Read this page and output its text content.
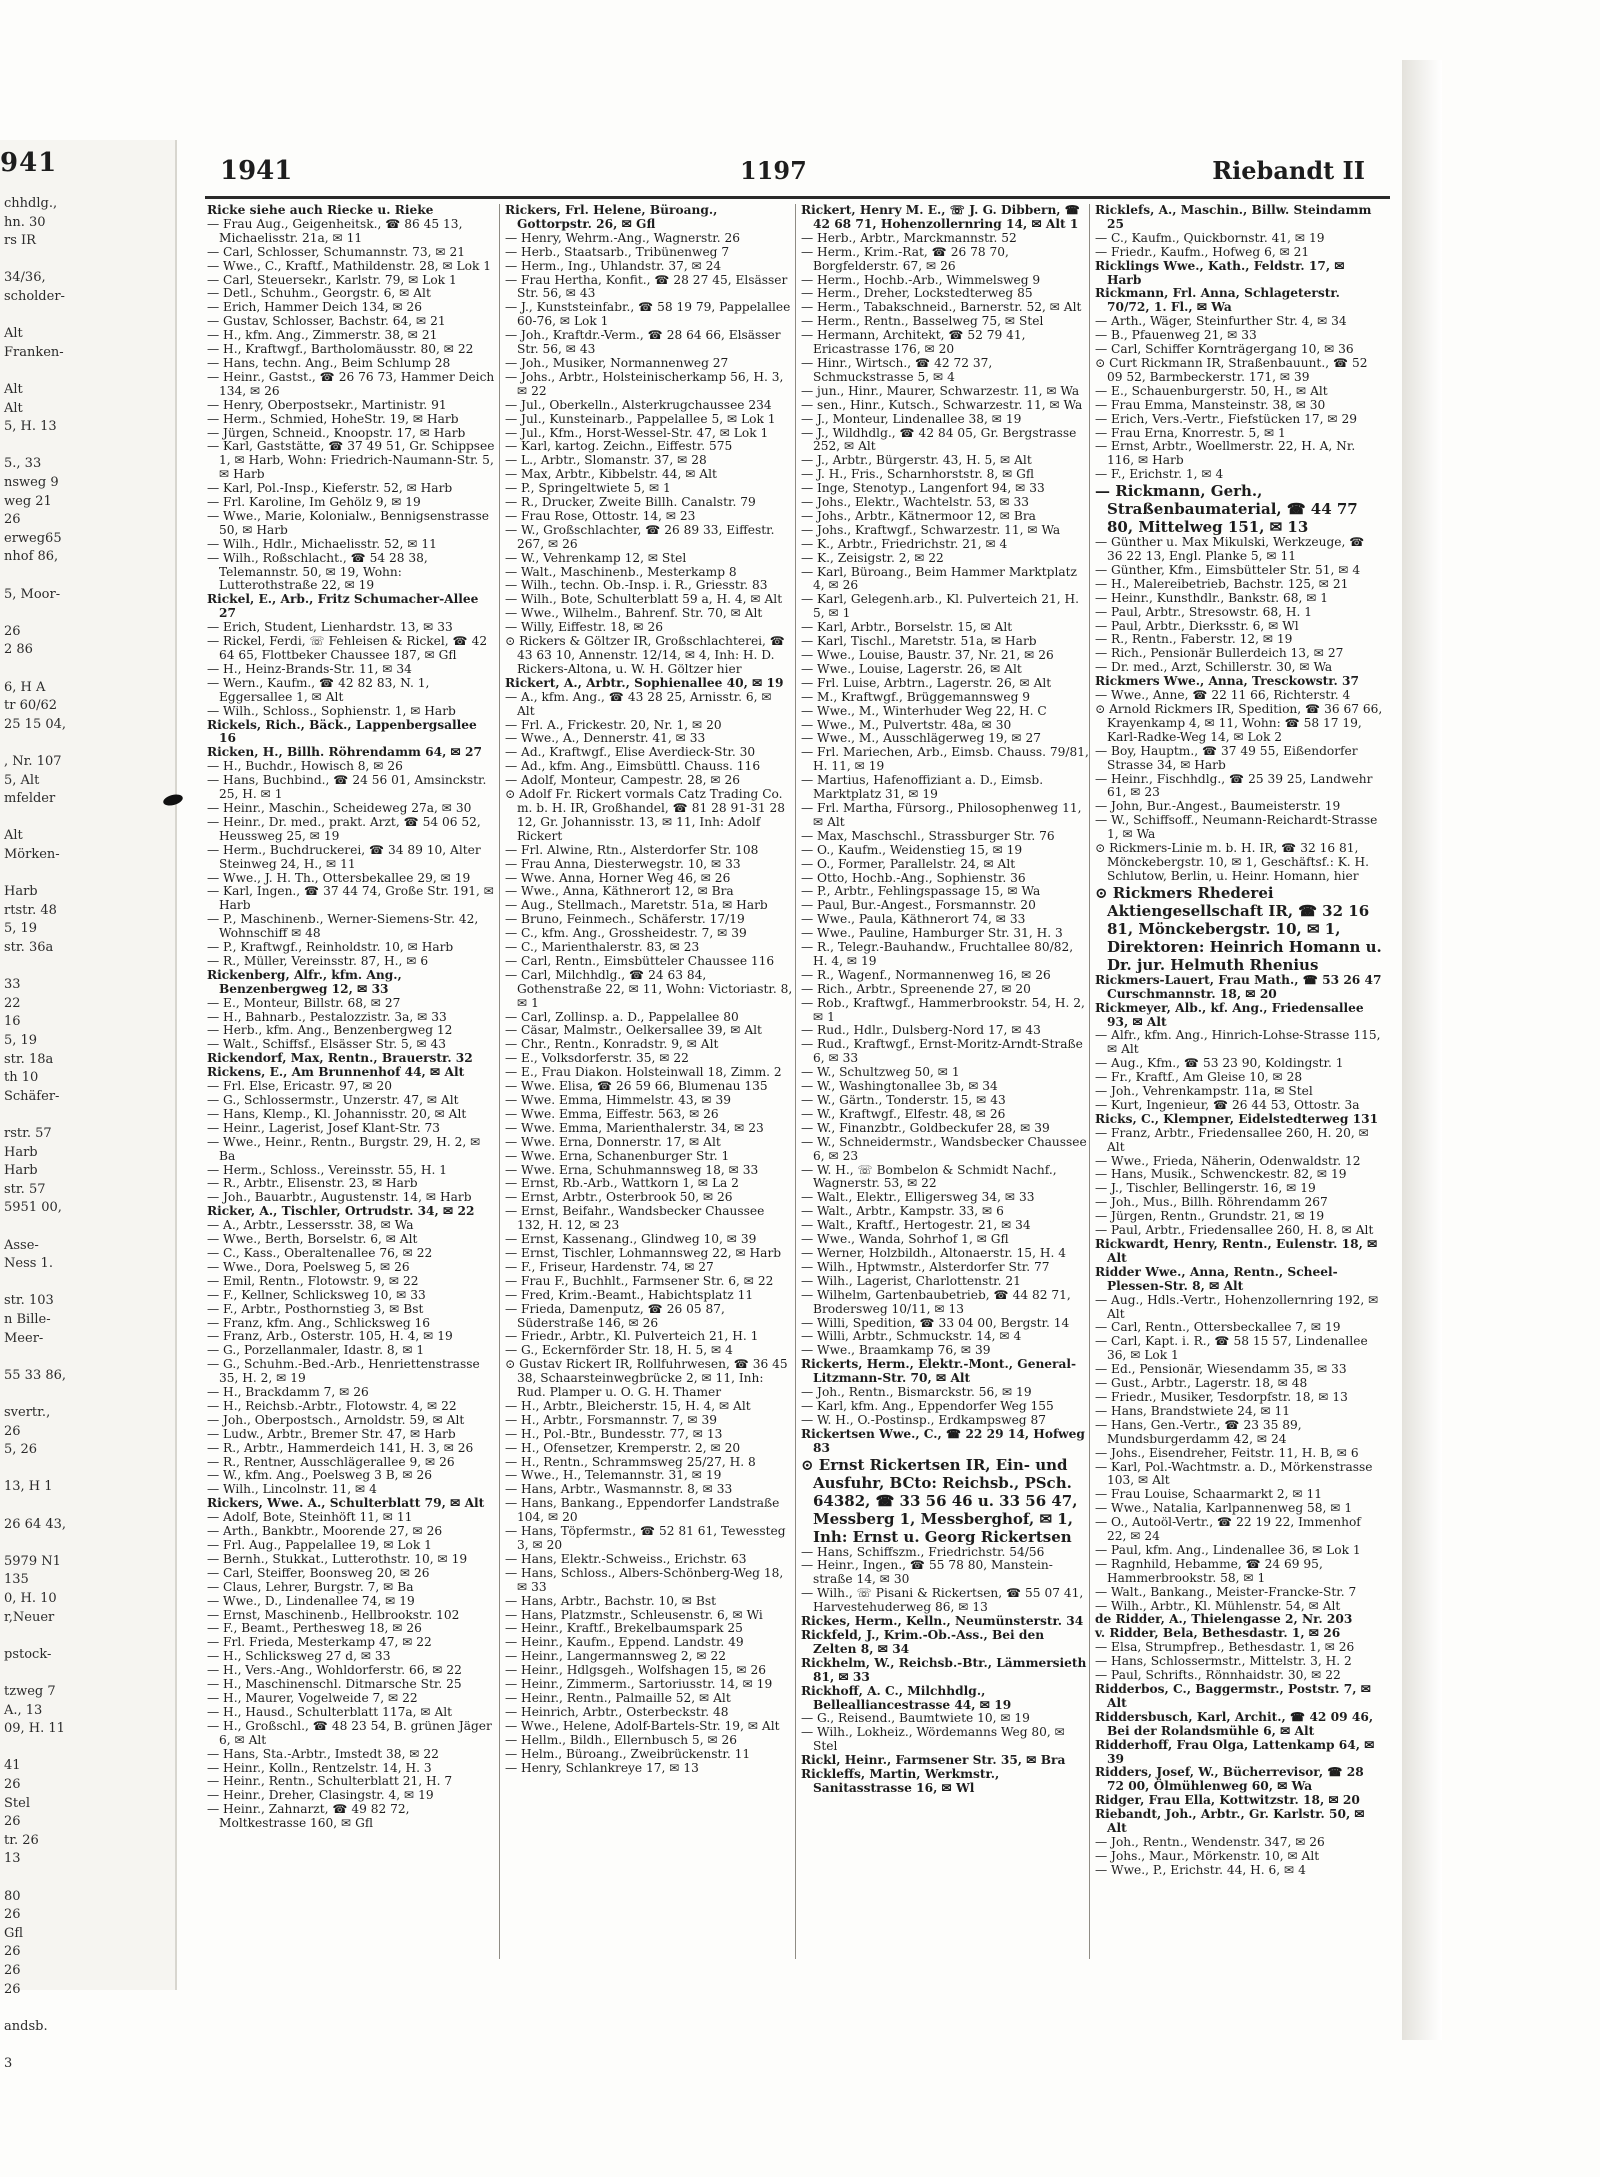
941
chhdlg.,
hn. 30
rs IR
34/36,
scholder-
Alt
Franken-
Alt
Alt
5, H. 13
5., 33
nsweg 9
weg 21
26
erweg65
nhof 86,
5, Moor-
26
2 86
6, H A
tr 60/62
25 15 04,
, Nr. 107
5, Alt
mfelder
Alt
Mörken-
Harb
rtstr. 48
5, 19
str. 36a
33
22
16
5, 19
str. 18a
th 10
Schäfer-
rstr. 57
Harb
Harb
str. 57
5951 00,
Asse-
Ness 1.
str. 103
n Bille-
Meer-
55 33 86,
svertr.,
26
5, 26
13, H 1
26 64 43,
5979 N1
135
0, H. 10
r,Neuer
pstock-
tzweg 7
A., 13
09, H. 11
41
26
Stel
26
tr. 26
13
80
26
Gfl
26
26
26
andsb.
3
1941	1197	Riebandt II

Ricke siehe auch Riecke u. Rieke

— Frau Aug., Geigenheitsk., ☎ 86 45 13, Michaelisstr. 21a, ✉ 11

— Carl, Schlosser, Schumannstr. 73, ✉ 21

— Wwe., C., Kraftf., Mathildenstr. 28, ✉ Lok 1

— Carl, Steuersekr., Karlstr. 79, ✉ Lok 1

— Detl., Schuhm., Georgstr. 6, ✉ Alt

— Erich, Hammer Deich 134, ✉ 26

— Gustav, Schlosser, Bachstr. 64, ✉ 21

— H., kfm. Ang., Zimmerstr. 38, ✉ 21

— H., Kraftwgf., Bartholomäusstr. 80, ✉ 22

— Hans, techn. Ang., Beim Schlump 28

— Heinr., Gastst., ☎ 26 76 73, Hammer Deich 134, ✉ 26

— Henry, Oberpostsekr., Martinistr. 91

— Herm., Schmied, HoheStr. 19, ✉ Harb

— Jürgen, Schneid., Knoopstr. 17, ✉ Harb

— Karl, Gaststätte, ☎ 37 49 51, Gr. Schippsee 1, ✉ Harb, Wohn: Friedrich-Naumann-Str. 5, ✉ Harb

— Karl, Pol.-Insp., Kieferstr. 52, ✉ Harb

— Frl. Karoline, Im Gehölz 9, ✉ 19

— Wwe., Marie, Kolonialw., Bennigsenstrasse 50, ✉ Harb

— Wilh., Hdlr., Michaelisstr. 52, ✉ 11

— Wilh., Roßschlacht., ☎ 54 28 38, Telemannstr. 50, ✉ 19, Wohn: Lutterothstraße 22, ✉ 19

Rickel, E., Arb., Fritz Schumacher-Allee 27

— Erich, Student, Lienhardstr. 13, ✉ 33

— Rickel, Ferdi, ☏ Fehleisen & Rickel, ☎ 42 64 65, Flottbeker Chaussee 187, ✉ Gfl

— H., Heinz-Brands-Str. 11, ✉ 34

— Wern., Kaufm., ☎ 42 82 83, N. 1, Eggersallee 1, ✉ Alt

— Wilh., Schloss., Sophienstr. 1, ✉ Harb

Rickels, Rich., Bäck., Lappenbergsallee 16

Ricken, H., Billh. Röhrendamm 64, ✉ 27

— H., Buchdr., Howisch 8, ✉ 26

— Hans, Buchbind., ☎ 24 56 01, Amsinckstr. 25, H. ✉ 1

— Heinr., Maschin., Scheideweg 27a, ✉ 30

— Heinr., Dr. med., prakt. Arzt, ☎ 54 06 52, Heussweg 25, ✉ 19

— Herm., Buchdruckerei, ☎ 34 89 10, Alter Steinweg 24, H., ✉ 11

— Wwe., J. H. Th., Ottersbekallee 29, ✉ 19

— Karl, Ingen., ☎ 37 44 74, Große Str. 191, ✉ Harb

— P., Maschinenb., Werner-Siemens-Str. 42, Wohnschiff ✉ 48

— P., Kraftwgf., Reinholdstr. 10, ✉ Harb

— R., Müller, Vereinsstr. 87, H., ✉ 6

Rickenberg, Alfr., kfm. Ang., Benzenbergweg 12, ✉ 33

— E., Monteur, Billstr. 68, ✉ 27

— H., Bahnarb., Pestalozzistr. 3a, ✉ 33

— Herb., kfm. Ang., Benzenbergweg 12

— Walt., Schiffsf., Elsässer Str. 5, ✉ 43

Rickendorf, Max, Rentn., Brauerstr. 32

Rickens, E., Am Brunnenhof 44, ✉ Alt

— Frl. Else, Ericastr. 97, ✉ 20

— G., Schlossermstr., Unzerstr. 47, ✉ Alt

— Hans, Klemp., Kl. Johannisstr. 20, ✉ Alt

— Heinr., Lagerist, Josef Klant-Str. 73

— Wwe., Heinr., Rentn., Burgstr. 29, H. 2, ✉ Ba

— Herm., Schloss., Vereinsstr. 55, H. 1

— R., Arbtr., Elisenstr. 23, ✉ Harb

— Joh., Bauarbtr., Augustenstr. 14, ✉ Harb

Ricker, A., Tischler, Ortrudstr. 34, ✉ 22

— A., Arbtr., Lessersstr. 38, ✉ Wa

— Wwe., Berth, Borselstr. 6, ✉ Alt

— C., Kass., Oberaltenallee 76, ✉ 22

— Wwe., Dora, Poelsweg 5, ✉ 26

— Emil, Rentn., Flotowstr. 9, ✉ 22

— F., Kellner, Schlicksweg 10, ✉ 33

— F., Arbtr., Posthornstieg 3, ✉ Bst

— Franz, kfm. Ang., Schlicksweg 16

— Franz, Arb., Osterstr. 105, H. 4, ✉ 19

— G., Porzellanmaler, Idastr. 8, ✉ 1

— G., Schuhm.-Bed.-Arb., Henriettenstrasse 35, H. 2, ✉ 19

— H., Brackdamm 7, ✉ 26

— H., Reichsb.-Arbtr., Flotowstr. 4, ✉ 22

— Joh., Oberpostsch., Arnoldstr. 59, ✉ Alt

— Ludw., Arbtr., Bremer Str. 47, ✉ Harb

— R., Arbtr., Hammerdeich 141, H. 3, ✉ 26

— R., Rentner, Ausschlägerallee 9, ✉ 26

— W., kfm. Ang., Poelsweg 3 B, ✉ 26

— Wilh., Lincolnstr. 11, ✉ 4

Rickers, Wwe. A., Schulterblatt 79, ✉ Alt

— Adolf, Bote, Steinhöft 11, ✉ 11

— Arth., Bankbtr., Moorende 27, ✉ 26

— Frl. Aug., Pappelallee 19, ✉ Lok 1

— Bernh., Stukkat., Lutterothstr. 10, ✉ 19

— Carl, Steiffer, Boonsweg 20, ✉ 26

— Claus, Lehrer, Burgstr. 7, ✉ Ba

— Wwe., D., Lindenallee 74, ✉ 19

— Ernst, Maschinenb., Hellbrookstr. 102

— F., Beamt., Perthesweg 18, ✉ 26

— Frl. Frieda, Mesterkamp 47, ✉ 22

— H., Schlicksweg 27 d, ✉ 33

— H., Vers.-Ang., Wohldorferstr. 66, ✉ 22

— H., Maschinenschl. Ditmarsche Str. 25

— H., Maurer, Vogelweide 7, ✉ 22

— H., Hausd., Schulterblatt 117a, ✉ Alt

— H., Großschl., ☎ 48 23 54, B. grünen Jäger 6, ✉ Alt

— Hans, Sta.-Arbtr., Imstedt 38, ✉ 22

— Heinr., Kolln., Rentzelstr. 14, H. 3

— Heinr., Rentn., Schulterblatt 21, H. 7

— Heinr., Dreher, Clasingstr. 4, ✉ 19

— Heinr., Zahnarzt, ☎ 49 82 72, Moltkestrasse 160, ✉ Gfl

Rickers, Frl. Helene, Büroang., Gottorpstr. 26, ✉ Gfl

— Henry, Wehrm.-Ang., Wagnerstr. 26

— Herb., Staatsarb., Tribünenweg 7

— Herm., Ing., Uhlandstr. 37, ✉ 24

— Frau Hertha, Konfit., ☎ 28 27 45, Elsässer Str. 56, ✉ 43

— J., Kunststeinfabr., ☎ 58 19 79, Pappelallee 60-76, ✉ Lok 1

— Joh., Kraftdr.-Verm., ☎ 28 64 66, Elsässer Str. 56, ✉ 43

— Joh., Musiker, Normannenweg 27

— Johs., Arbtr., Holsteinischerkamp 56, H. 3, ✉ 22

— Jul., Oberkelln., Alsterkrugchaussee 234

— Jul., Kunsteinarb., Pappelallee 5, ✉ Lok 1

— Jul., Kfm., Horst-Wessel-Str. 47, ✉ Lok 1

— Karl, kartog. Zeichn., Eiffestr. 575

— L., Arbtr., Slomanstr. 37, ✉ 28

— Max, Arbtr., Kibbelstr. 44, ✉ Alt

— P., Springeltwiete 5, ✉ 1

— R., Drucker, Zweite Billh. Canalstr. 79

— Frau Rose, Ottostr. 14, ✉ 23

— W., Großschlachter, ☎ 26 89 33, Eiffestr. 267, ✉ 26

— W., Vehrenkamp 12, ✉ Stel

— Walt., Maschinenb., Mesterkamp 8

— Wilh., techn. Ob.-Insp. i. R., Griesstr. 83

— Wilh., Bote, Schulterblatt 59 a, H. 4, ✉ Alt

— Wwe., Wilhelm., Bahrenf. Str. 70, ✉ Alt

— Willy, Eiffestr. 18, ✉ 26

⊙ Rickers & Göltzer IR, Großschlachterei, ☎ 43 63 10, Annenstr. 12/14, ✉ 4, Inh: H. D. Rickers-Altona, u. W. H. Göltzer hier

Rickert, A., Arbtr., Sophienallee 40, ✉ 19

— A., kfm. Ang., ☎ 43 28 25, Arnisstr. 6, ✉ Alt

— Frl. A., Frickestr. 20, Nr. 1, ✉ 20

— Wwe., A., Dennerstr. 41, ✉ 33

— Ad., Kraftwgf., Elise Averdieck-Str. 30

— Ad., kfm. Ang., Eimsbüttl. Chauss. 116

— Adolf, Monteur, Campestr. 28, ✉ 26

⊙ Adolf Fr. Rickert vormals Catz Trading Co. m. b. H. IR, Großhandel, ☎ 81 28 91-31 28 12, Gr. Johannisstr. 13, ✉ 11, Inh: Adolf Rickert

— Frl. Alwine, Rtn., Alsterdorfer Str. 108

— Frau Anna, Diesterwegstr. 10, ✉ 33

— Wwe. Anna, Horner Weg 46, ✉ 26

— Wwe., Anna, Käthnerort 12, ✉ Bra

— Aug., Stellmach., Maretstr. 51a, ✉ Harb

— Bruno, Feinmech., Schäferstr. 17/19

— C., kfm. Ang., Grossheidestr. 7, ✉ 39

— C., Marienthalerstr. 83, ✉ 23

— Carl, Rentn., Eimsbütteler Chaussee 116

— Carl, Milchhdlg., ☎ 24 63 84, Gothenstraße 22, ✉ 11, Wohn: Victoriastr. 8, ✉ 1

— Carl, Zollinsp. a. D., Pappelallee 80

— Cäsar, Malmstr., Oelkersallee 39, ✉ Alt

— Chr., Rentn., Konradstr. 9, ✉ Alt

— E., Volksdorferstr. 35, ✉ 22

— E., Frau Diakon. Holsteinwall 18, Zimm. 2

— Wwe. Elisa, ☎ 26 59 66, Blumenau 135

— Wwe. Emma, Himmelstr. 43, ✉ 39

— Wwe. Emma, Eiffestr. 563, ✉ 26

— Wwe. Emma, Marienthalerstr. 34, ✉ 23

— Wwe. Erna, Donnerstr. 17, ✉ Alt

— Wwe. Erna, Schanenburger Str. 1

— Wwe. Erna, Schuhmannsweg 18, ✉ 33

— Ernst, Rb.-Arb., Wattkorn 1, ✉ La 2

— Ernst, Arbtr., Osterbrook 50, ✉ 26

— Ernst, Beifahr., Wandsbecker Chaussee 132, H. 12, ✉ 23

— Ernst, Kassenang., Glindweg 10, ✉ 39

— Ernst, Tischler, Lohmannsweg 22, ✉ Harb

— F., Friseur, Hardenstr. 74, ✉ 27

— Frau F., Buchhlt., Farmsener Str. 6, ✉ 22

— Fred, Krim.-Beamt., Habichtsplatz 11

— Frieda, Damenputz, ☎ 26 05 87, Süderstraße 146, ✉ 26

— Friedr., Arbtr., Kl. Pulverteich 21, H. 1

— G., Eckernförder Str. 18, H. 5, ✉ 4

⊙ Gustav Rickert IR, Rollfuhrwesen, ☎ 36 45 38, Schaarsteinwegbrücke 2, ✉ 11, Inh: Rud. Plamper u. O. G. H. Thamer

— H., Arbtr., Bleicherstr. 15, H. 4, ✉ Alt

— H., Arbtr., Forsmannstr. 7, ✉ 39

— H., Pol.-Btr., Bundesstr. 77, ✉ 13

— H., Ofensetzer, Kremperstr. 2, ✉ 20

— H., Rentn., Schrammsweg 25/27, H. 8

— Wwe., H., Telemannstr. 31, ✉ 19

— Hans, Arbtr., Wasmannstr. 8, ✉ 33

— Hans, Bankang., Eppendorfer Landstraße 104, ✉ 20

— Hans, Töpfermstr., ☎ 52 81 61, Tewessteg 3, ✉ 20

— Hans, Elektr.-Schweiss., Erichstr. 63

— Hans, Schloss., Albers-Schönberg-Weg 18, ✉ 33

— Hans, Arbtr., Bachstr. 10, ✉ Bst

— Hans, Platzmstr., Schleusenstr. 6, ✉ Wi

— Heinr., Kraftf., Brekelbaumspark 25

— Heinr., Kaufm., Eppend. Landstr. 49

— Heinr., Langermannsweg 2, ✉ 22

— Heinr., Hdlgsgeh., Wolfshagen 15, ✉ 26

— Heinr., Zimmerm., Sartoriusstr. 14, ✉ 19

— Heinr., Rentn., Palmaille 52, ✉ Alt

— Heinrich, Arbtr., Osterbeckstr. 48

— Wwe., Helene, Adolf-Bartels-Str. 19, ✉ Alt

— Hellm., Bildh., Ellernbusch 5, ✉ 26

— Helm., Büroang., Zweibrückenstr. 11

— Henry, Schlankreye 17, ✉ 13

Rickert, Henry M. E., ☏ J. G. Dibbern, ☎ 42 68 71, Hohenzollernring 14, ✉ Alt 1

— Herb., Arbtr., Marckmannstr. 52

— Herm., Krim.-Rat, ☎ 26 78 70, Borgfelderstr. 67, ✉ 26

— Herm., Hochb.-Arb., Wimmelsweg 9

— Herm., Dreher, Lockstedterweg 85

— Herm., Tabakschneid., Barnerstr. 52, ✉ Alt

— Herm., Rentn., Basselweg 75, ✉ Stel

— Hermann, Architekt, ☎ 52 79 41, Ericastrasse 176, ✉ 20

— Hinr., Wirtsch., ☎ 42 72 37, Schmuckstrasse 5, ✉ 4

— jun., Hinr., Maurer, Schwarzestr. 11, ✉ Wa

— sen., Hinr., Kutsch., Schwarzestr. 11, ✉ Wa

— J., Monteur, Lindenallee 38, ✉ 19

— J., Wildhdlg., ☎ 42 84 05, Gr. Bergstrasse 252, ✉ Alt

— J., Arbtr., Bürgerstr. 43, H. 5, ✉ Alt

— J. H., Fris., Scharnhorststr. 8, ✉ Gfl

— Inge, Stenotyp., Langenfort 94, ✉ 33

— Johs., Elektr., Wachtelstr. 53, ✉ 33

— Johs., Arbtr., Kätnermoor 12, ✉ Bra

— Johs., Kraftwgf., Schwarzestr. 11, ✉ Wa

— K., Arbtr., Friedrichstr. 21, ✉ 4

— K., Zeisigstr. 2, ✉ 22

— Karl, Büroang., Beim Hammer Marktplatz 4, ✉ 26

— Karl, Gelegenh.arb., Kl. Pulverteich 21, H. 5, ✉ 1

— Karl, Arbtr., Borselstr. 15, ✉ Alt

— Karl, Tischl., Maretstr. 51a, ✉ Harb

— Wwe., Louise, Baustr. 37, Nr. 21, ✉ 26

— Wwe., Louise, Lagerstr. 26, ✉ Alt

— Frl. Luise, Arbtrn., Lagerstr. 26, ✉ Alt

— M., Kraftwgf., Brüggemannsweg 9

— Wwe., M., Winterhuder Weg 22, H. C

— Wwe., M., Pulvertstr. 48a, ✉ 30

— Wwe., M., Ausschlägerweg 19, ✉ 27

— Frl. Mariechen, Arb., Eimsb. Chauss. 79/81, H. 11, ✉ 19

— Martius, Hafenoffiziant a. D., Eimsb. Marktplatz 31, ✉ 19

— Frl. Martha, Fürsorg., Philosophenweg 11, ✉ Alt

— Max, Maschschl., Strassburger Str. 76

— O., Kaufm., Weidenstieg 15, ✉ 19

— O., Former, Parallelstr. 24, ✉ Alt

— Otto, Hochb.-Ang., Sophienstr. 36

— P., Arbtr., Fehlingspassage 15, ✉ Wa

— Paul, Bur.-Angest., Forsmannstr. 20

— Wwe., Paula, Käthnerort 74, ✉ 33

— Wwe., Pauline, Hamburger Str. 31, H. 3

— R., Telegr.-Bauhandw., Fruchtallee 80/82, H. 4, ✉ 19

— R., Wagenf., Normannenweg 16, ✉ 26

— Rich., Arbtr., Spreenende 27, ✉ 20

— Rob., Kraftwgf., Hammerbrookstr. 54, H. 2, ✉ 1

— Rud., Hdlr., Dulsberg-Nord 17, ✉ 43

— Rud., Kraftwgf., Ernst-Moritz-Arndt-Straße 6, ✉ 33

— W., Schultzweg 50, ✉ 1

— W., Washingtonallee 3b, ✉ 34

— W., Gärtn., Tonderstr. 15, ✉ 43

— W., Kraftwgf., Elfestr. 48, ✉ 26

— W., Finanzbtr., Goldbeckufer 28, ✉ 39

— W., Schneidermstr., Wandsbecker Chaussee 6, ✉ 23

— W. H., ☏ Bombelon & Schmidt Nachf., Wagnerstr. 53, ✉ 22

— Walt., Elektr., Elligersweg 34, ✉ 33

— Walt., Arbtr., Kampstr. 33, ✉ 6

— Walt., Kraftf., Hertogestr. 21, ✉ 34

— Wwe., Wanda, Sohrhof 1, ✉ Gfl

— Werner, Holzbildh., Altonaerstr. 15, H. 4

— Wilh., Hptwmstr., Alsterdorfer Str. 77

— Wilh., Lagerist, Charlottenstr. 21

— Wilhelm, Gartenbaubetrieb, ☎ 44 82 71, Brodersweg 10/11, ✉ 13

— Willi, Spedition, ☎ 33 04 00, Bergstr. 14

— Willi, Arbtr., Schmuckstr. 14, ✉ 4

— Wwe., Braamkamp 76, ✉ 39

Rickerts, Herm., Elektr.-Mont., General-Litzmann-Str. 70, ✉ Alt

— Joh., Rentn., Bismarckstr. 56, ✉ 19

— Karl, kfm. Ang., Eppendorfer Weg 155

— W. H., O.-Postinsp., Erdkampsweg 87

Rickertsen Wwe., C., ☎ 22 29 14, Hofweg 83

⊙ Ernst Rickertsen IR, Ein- und Ausfuhr, BCto: Reichsb., PSch. 64382, ☎ 33 56 46 u. 33 56 47, Messberg 1, Messberghof, ✉ 1, Inh: Ernst u. Georg Rickertsen

— Hans, Schiffszm., Friedrichstr. 54/56

— Heinr., Ingen., ☎ 55 78 80, Manstein-straße 14, ✉ 30

— Wilh., ☏ Pisani & Rickertsen, ☎ 55 07 41, Harvestehuderweg 86, ✉ 13

Rickes, Herm., Kelln., Neumünsterstr. 34

Rickfeld, J., Krim.-Ob.-Ass., Bei den Zelten 8, ✉ 34

Rickhelm, W., Reichsb.-Btr., Lämmersieth 81, ✉ 33

Rickhoff, A. C., Milchhdlg., Bellealliancestrasse 44, ✉ 19

— G., Reisend., Baumtwiete 10, ✉ 19

— Wilh., Lokheiz., Wördemanns Weg 80, ✉ Stel

Rickl, Heinr., Farmsener Str. 35, ✉ Bra

Rickleffs, Martin, Werkmstr., Sanitasstrasse 16, ✉ Wl

Ricklefs, A., Maschin., Billw. Steindamm 25

— C., Kaufm., Quickbornstr. 41, ✉ 19

— Friedr., Kaufm., Hofweg 6, ✉ 21

Ricklings Wwe., Kath., Feldstr. 17, ✉ Harb

Rickmann, Frl. Anna, Schlageterstr. 70/72, 1. Fl., ✉ Wa

— Arth., Wäger, Steinfurther Str. 4, ✉ 34

— B., Pfauenweg 21, ✉ 33

— Carl, Schiffer Kornträgergang 10, ✉ 36

⊙ Curt Rickmann IR, Straßenbauunt., ☎ 52 09 52, Barmbeckerstr. 171, ✉ 39

— E., Schauenburgerstr. 50, H., ✉ Alt

— Frau Emma, Mansteinstr. 38, ✉ 30

— Erich, Vers.-Vertr., Fiefstücken 17, ✉ 29

— Frau Erna, Knorrestr. 5, ✉ 1

— Ernst, Arbtr., Woellmerstr. 22, H. A, Nr. 116, ✉ Harb

— F., Erichstr. 1, ✉ 4

— Rickmann, Gerh., Straßenbaumaterial, ☎ 44 77 80, Mittelweg 151, ✉ 13

— Günther u. Max Mikulski, Werkzeuge, ☎ 36 22 13, Engl. Planke 5, ✉ 11

— Günther, Kfm., Eimsbütteler Str. 51, ✉ 4

— H., Malereibetrieb, Bachstr. 125, ✉ 21

— Heinr., Kunsthdlr., Bankstr. 68, ✉ 1

— Paul, Arbtr., Stresowstr. 68, H. 1

— Paul, Arbtr., Dierksstr. 6, ✉ Wl

— R., Rentn., Faberstr. 12, ✉ 19

— Rich., Pensionär Bullerdeich 13, ✉ 27

— Dr. med., Arzt, Schillerstr. 30, ✉ Wa

Rickmers Wwe., Anna, Tresckowstr. 37

— Wwe., Anne, ☎ 22 11 66, Richterstr. 4

⊙ Arnold Rickmers IR, Spedition, ☎ 36 67 66, Krayenkamp 4, ✉ 11, Wohn: ☎ 58 17 19, Karl-Radke-Weg 14, ✉ Lok 2

— Boy, Hauptm., ☎ 37 49 55, Eißendorfer Strasse 34, ✉ Harb

— Heinr., Fischhdlg., ☎ 25 39 25, Landwehr 61, ✉ 23

— John, Bur.-Angest., Baumeisterstr. 19

— W., Schiffsoff., Neumann-Reichardt-Strasse 1, ✉ Wa

⊙ Rickmers-Linie m. b. H. IR, ☎ 32 16 81, Mönckebergstr. 10, ✉ 1, Geschäftsf.: K. H. Schlutow, Berlin, u. Heinr. Homann, hier

⊙ Rickmers Rhederei Aktiengesellschaft IR, ☎ 32 16 81, Mönckebergstr. 10, ✉ 1, Direktoren: Heinrich Homann u. Dr. jur. Helmuth Rhenius

Rickmers-Lauert, Frau Math., ☎ 53 26 47 Curschmannstr. 18, ✉ 20

Rickmeyer, Alb., kf. Ang., Friedensallee 93, ✉ Alt

— Alfr., kfm. Ang., Hinrich-Lohse-Strasse 115, ✉ Alt

— Aug., Kfm., ☎ 53 23 90, Koldingstr. 1

— Fr., Kraftf., Am Gleise 10, ✉ 28

— Joh., Vehrenkampstr. 11a, ✉ Stel

— Kurt, Ingenieur, ☎ 26 44 53, Ottostr. 3a

Ricks, C., Klempner, Eidelstedterweg 131

— Franz, Arbtr., Friedensallee 260, H. 20, ✉ Alt

— Wwe., Frieda, Näherin, Odenwaldstr. 12

— Hans, Musik., Schwenckestr. 82, ✉ 19

— J., Tischler, Bellingerstr. 16, ✉ 19

— Joh., Mus., Billh. Röhrendamm 267

— Jürgen, Rentn., Grundstr. 21, ✉ 19

— Paul, Arbtr., Friedensallee 260, H. 8, ✉ Alt

Rickwardt, Henry, Rentn., Eulenstr. 18, ✉ Alt

Ridder Wwe., Anna, Rentn., Scheel-Plessen-Str. 8, ✉ Alt

— Aug., Hdls.-Vertr., Hohenzollernring 192, ✉ Alt

— Carl, Rentn., Ottersbeckallee 7, ✉ 19

— Carl, Kapt. i. R., ☎ 58 15 57, Lindenallee 36, ✉ Lok 1

— Ed., Pensionär, Wiesendamm 35, ✉ 33

— Gust., Arbtr., Lagerstr. 18, ✉ 48

— Friedr., Musiker, Tesdorpfstr. 18, ✉ 13

— Hans, Brandstwiete 24, ✉ 11

— Hans, Gen.-Vertr., ☎ 23 35 89, Mundsburgerdamm 42, ✉ 24

— Johs., Eisendreher, Feitstr. 11, H. B, ✉ 6

— Karl, Pol.-Wachtmstr. a. D., Mörkenstrasse 103, ✉ Alt

— Frau Louise, Schaarmarkt 2, ✉ 11

— Wwe., Natalia, Karlpannenweg 58, ✉ 1

— O., Autoöl-Vertr., ☎ 22 19 22, Immenhof 22, ✉ 24

— Paul, kfm. Ang., Lindenallee 36, ✉ Lok 1

— Ragnhild, Hebamme, ☎ 24 69 95, Hammerbrookstr. 58, ✉ 1

— Walt., Bankang., Meister-Francke-Str. 7

— Wilh., Arbtr., Kl. Mühlenstr. 54, ✉ Alt

de Ridder, A., Thielengasse 2, Nr. 203

v. Ridder, Bela, Bethesdastr. 1, ✉ 26

— Elsa, Strumpfrep., Bethesdastr. 1, ✉ 26

— Hans, Schlossermstr., Mittelstr. 3, H. 2

— Paul, Schrifts., Rönnhaidstr. 30, ✉ 22

Ridderbos, C., Baggermstr., Poststr. 7, ✉ Alt

Riddersbusch, Karl, Archit., ☎ 42 09 46, Bei der Rolandsmühle 6, ✉ Alt

Ridderhoff, Frau Olga, Lattenkamp 64, ✉ 39

Ridders, Josef, W., Bücherrevisor, ☎ 28 72 00, Ölmühlenweg 60, ✉ Wa

Ridger, Frau Ella, Kottwitzstr. 18, ✉ 20

Riebandt, Joh., Arbtr., Gr. Karlstr. 50, ✉ Alt

— Joh., Rentn., Wendenstr. 347, ✉ 26

— Johs., Maur., Mörkenstr. 10, ✉ Alt

— Wwe., P., Erichstr. 44, H. 6, ✉ 4
